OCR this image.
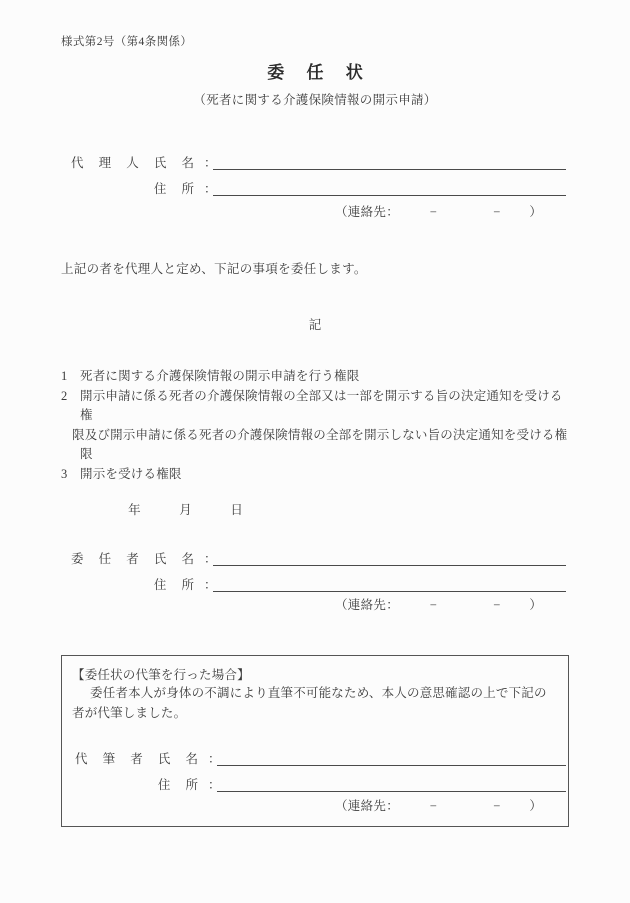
様式第2号（第4条関係）
委 任 状
（死者に関する介護保険情報の開示申請）
代 理 人 氏 名 ：
住 所 ：
（連絡先： −	− ）
上記の者を代理人と定め、下記の事項を委任します。
記
1 死者に関する介護保険情報の開示申請を行う権限
2 開示申請に係る死者の介護保険情報の全部又は一部を開示する旨の決定通知を受ける権
限及び開示申請に係る死者の介護保険情報の全部を開示しない旨の決定通知を受ける権限
3 開示を受ける権限
年	月	日
委 任 者 氏 名 ：
住 所 ：
（連絡先： −	− ）
【委任状の代筆を行った場合】
委任者本人が身体の不調により直筆不可能なため、本人の意思確認の上で下記の者が代筆しました。
代 筆 者 氏 名 ：
住 所 ：
（連絡先： −	− ）
